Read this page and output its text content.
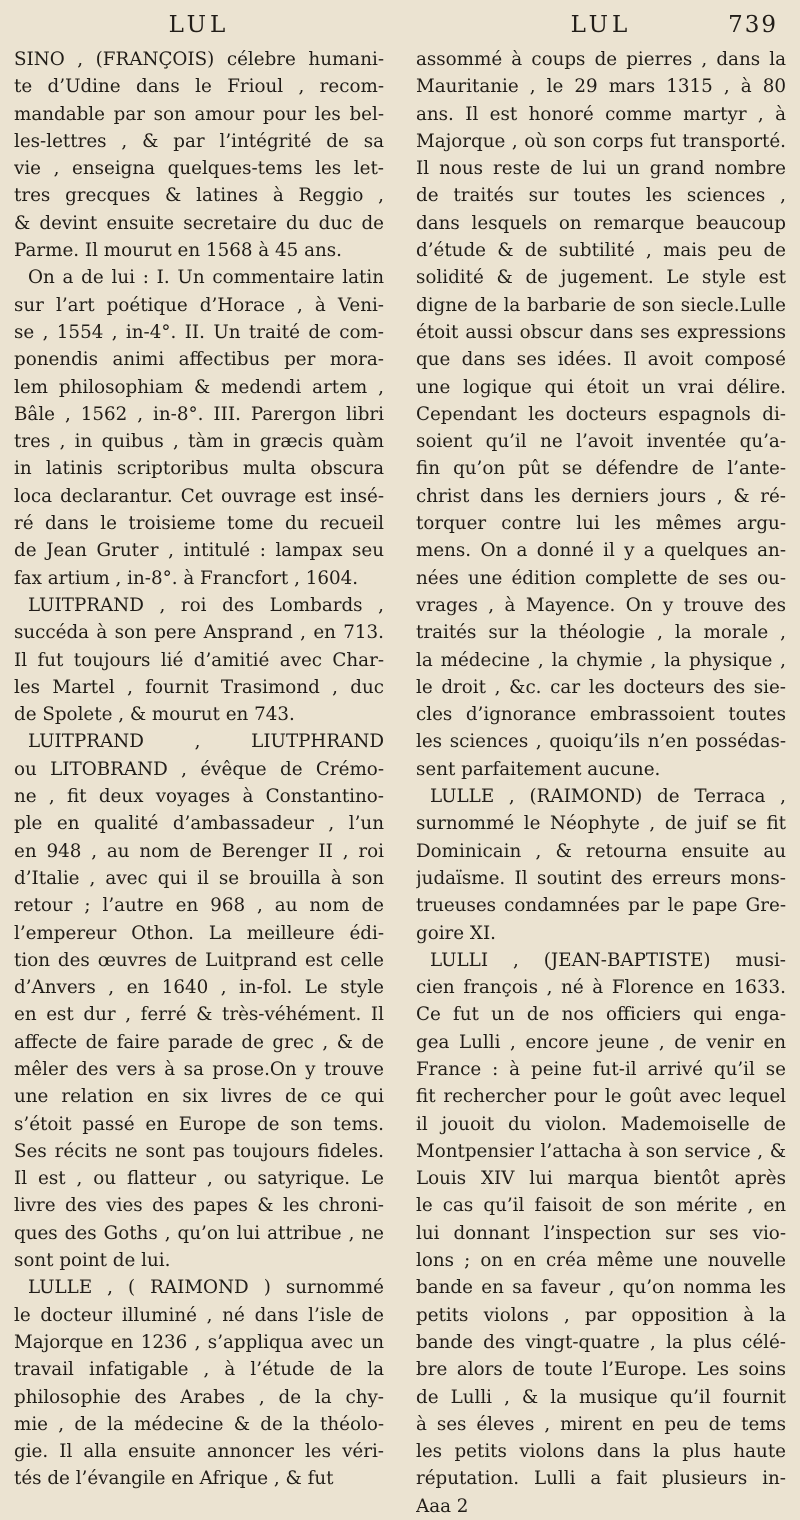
LUL
SINO , (FRANÇOIS) célebre humani-
te d’Udine dans le Frioul , recom-
mandable par son amour pour les bel-
les-lettres , & par l’intégrité de sa
vie , enseigna quelques-tems les let-
tres grecques & latines à Reggio ,
& devint ensuite secretaire du duc de
Parme. Il mourut en 1568 à 45 ans.
On a de lui : I. Un commentaire latin
sur l’art poétique d’Horace , à Veni-
se , 1554 , in-4°. II. Un traité de com-
ponendis animi affectibus per mora-
lem philosophiam & medendi artem ,
Bâle , 1562 , in-8°. III. Parergon libri
tres , in quibus , tàm in græcis quàm
in latinis scriptoribus multa obscura
loca declarantur. Cet ouvrage est insé-
ré dans le troisieme tome du recueil
de Jean Gruter , intitulé : lampax seu
fax artium , in-8°. à Francfort , 1604.
LUITPRAND , roi des Lombards ,
succéda à son pere Ansprand , en 713.
Il fut toujours lié d’amitié avec Char-
les Martel , fournit Trasimond , duc
de Spolete , & mourut en 743.
LUITPRAND , LIUTPHRAND
ou LITOBRAND , évêque de Crémo-
ne , fit deux voyages à Constantino-
ple en qualité d’ambassadeur , l’un
en 948 , au nom de Berenger II , roi
d’Italie , avec qui il se brouilla à son
retour ; l’autre en 968 , au nom de
l’empereur Othon. La meilleure édi-
tion des œuvres de Luitprand est celle
d’Anvers , en 1640 , in-fol. Le style
en est dur , ferré & très-véhément. Il
affecte de faire parade de grec , & de
mêler des vers à sa prose.On y trouve
une relation en six livres de ce qui
s’étoit passé en Europe de son tems.
Ses récits ne sont pas toujours fideles.
Il est , ou flatteur , ou satyrique. Le
livre des vies des papes & les chroni-
ques des Goths , qu’on lui attribue , ne
sont point de lui.
LULLE , ( RAIMOND ) surnommé
le docteur illuminé , né dans l’isle de
Majorque en 1236 , s’appliqua avec un
travail infatigable , à l’étude de la
philosophie des Arabes , de la chy-
mie , de la médecine & de la théolo-
gie. Il alla ensuite annoncer les véri-
tés de l’évangile en Afrique , & fut
LUL	739
assommé à coups de pierres , dans la
Mauritanie , le 29 mars 1315 , à 80
ans. Il est honoré comme martyr , à
Majorque , où son corps fut transporté.
Il nous reste de lui un grand nombre
de traités sur toutes les sciences ,
dans lesquels on remarque beaucoup
d’étude & de subtilité , mais peu de
solidité & de jugement. Le style est
digne de la barbarie de son siecle.Lulle
étoit aussi obscur dans ses expressions
que dans ses idées. Il avoit composé
une logique qui étoit un vrai délire.
Cependant les docteurs espagnols di-
soient qu’il ne l’avoit inventée qu’a-
fin qu’on pût se défendre de l’ante-
christ dans les derniers jours , & ré-
torquer contre lui les mêmes argu-
mens. On a donné il y a quelques an-
nées une édition complette de ses ou-
vrages , à Mayence. On y trouve des
traités sur la théologie , la morale ,
la médecine , la chymie , la physique ,
le droit , &c. car les docteurs des sie-
cles d’ignorance embrassoient toutes
les sciences , quoiqu’ils n’en possédas-
sent parfaitement aucune.
LULLE , (RAIMOND) de Terraca ,
surnommé le Néophyte , de juif se fit
Dominicain , & retourna ensuite au
judaïsme. Il soutint des erreurs mons-
trueuses condamnées par le pape Gre-
goire XI.
LULLI , (JEAN-BAPTISTE) musi-
cien françois , né à Florence en 1633.
Ce fut un de nos officiers qui enga-
gea Lulli , encore jeune , de venir en
France : à peine fut-il arrivé qu’il se
fit rechercher pour le goût avec lequel
il jouoit du violon. Mademoiselle de
Montpensier l’attacha à son service , &
Louis XIV lui marqua bientôt après
le cas qu’il faisoit de son mérite , en
lui donnant l’inspection sur ses vio-
lons ; on en créa même une nouvelle
bande en sa faveur , qu’on nomma les
petits violons , par opposition à la
bande des vingt-quatre , la plus célé-
bre alors de toute l’Europe. Les soins
de Lulli , & la musique qu’il fournit
à ses éleves , mirent en peu de tems
les petits violons dans la plus haute
réputation. Lulli a fait plusieurs in-
Aaa 2
